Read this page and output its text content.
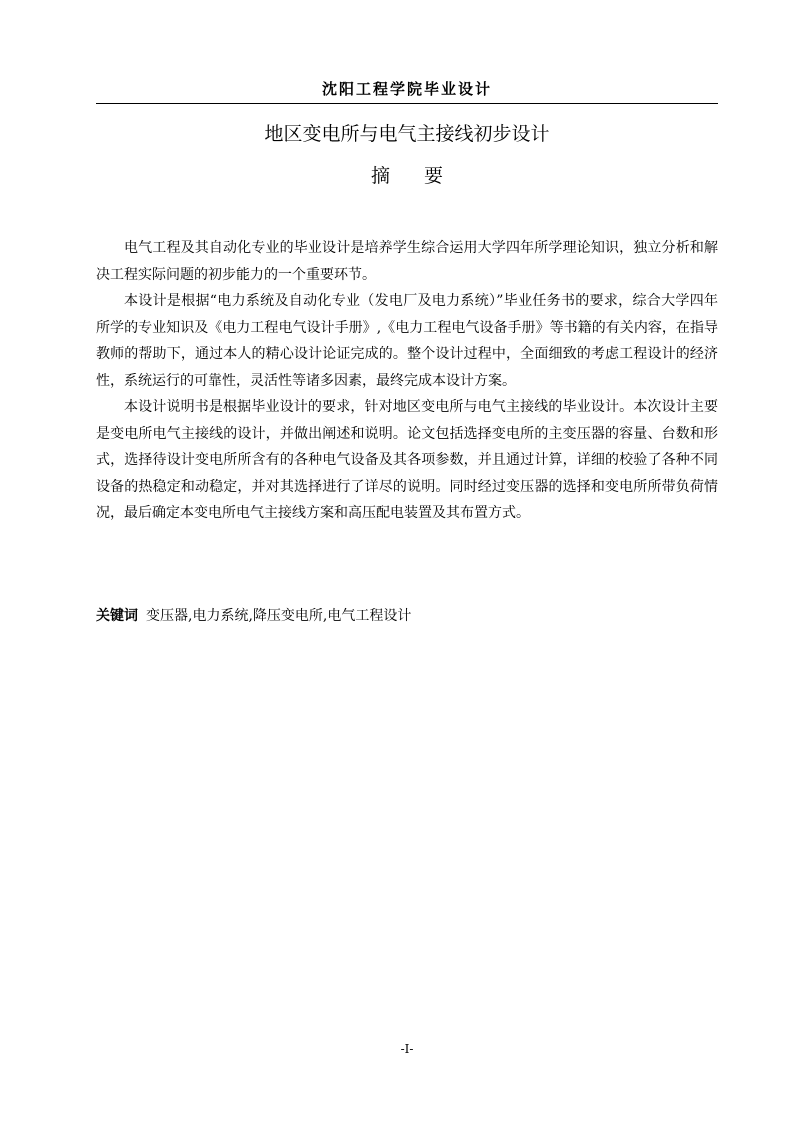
沈阳工程学院毕业设计
地区变电所与电气主接线初步设计
摘要

电气工程及其自动化专业的毕业设计是培养学生综合运用大学四年所学理论知识，独立分析和解决工程实际问题的初步能力的一个重要环节。

本设计是根据“电力系统及自动化专业（发电厂及电力系统）”毕业任务书的要求，综合大学四年所学的专业知识及《电力工程电气设计手册》,《电力工程电气设备手册》等书籍的有关内容，在指导教师的帮助下，通过本人的精心设计论证完成的。整个设计过程中，全面细致的考虑工程设计的经济性，系统运行的可靠性，灵活性等诸多因素，最终完成本设计方案。

本设计说明书是根据毕业设计的要求，针对地区变电所与电气主接线的毕业设计。本次设计主要是变电所电气主接线的设计，并做出阐述和说明。论文包括选择变电所的主变压器的容量、台数和形式，选择待设计变电所所含有的各种电气设备及其各项参数，并且通过计算，详细的校验了各种不同设备的热稳定和动稳定，并对其选择进行了详尽的说明。同时经过变压器的选择和变电所所带负荷情况，最后确定本变电所电气主接线方案和高压配电装置及其布置方式。

关键词 变压器,电力系统,降压变电所,电气工程设计
-I-
